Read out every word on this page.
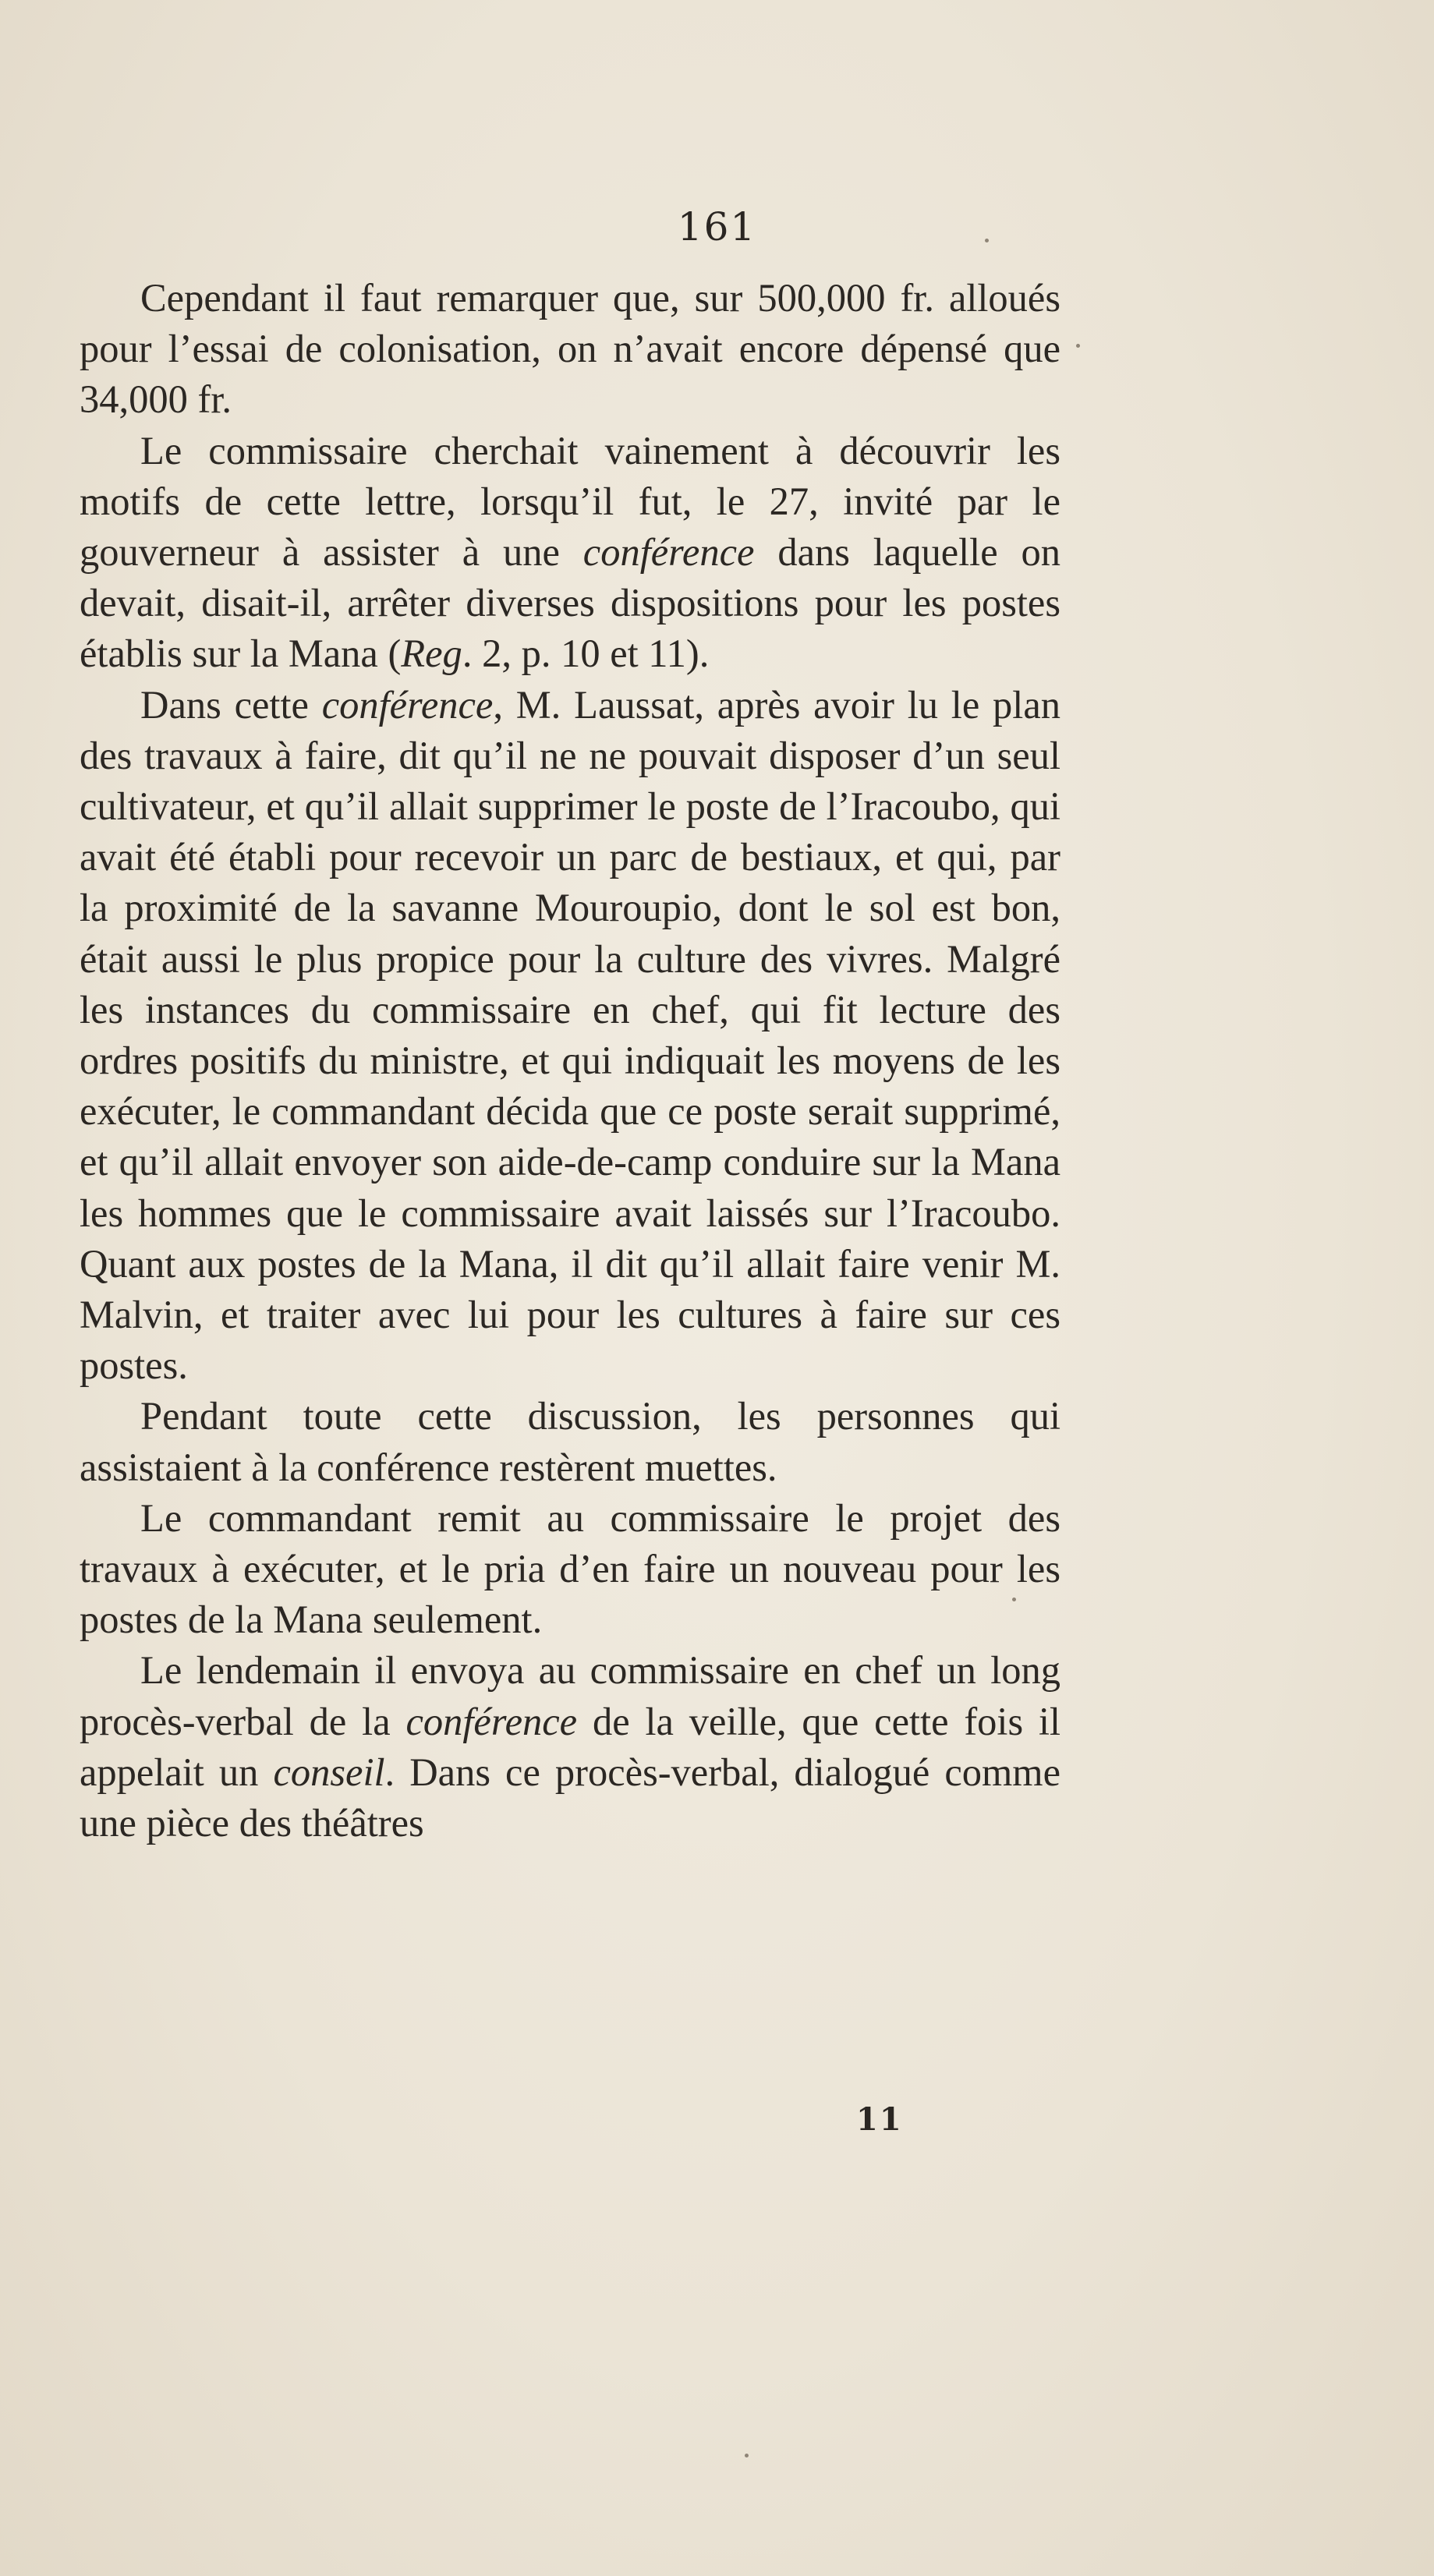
161

Cependant il faut remarquer que, sur 500,000 fr. alloués pour l’essai de colonisation, on n’avait encore dépensé que 34,000 fr.

Le commissaire cherchait vainement à découvrir les motifs de cette lettre, lorsqu’il fut, le 27, invité par le gouverneur à assister à une conférence dans laquelle on devait, disait-il, arrêter diverses dispositions pour les postes établis sur la Mana (Reg. 2, p. 10 et 11).

Dans cette conférence, M. Laussat, après avoir lu le plan des travaux à faire, dit qu’il ne ne pouvait disposer d’un seul cultivateur, et qu’il allait supprimer le poste de l’Iracoubo, qui avait été établi pour recevoir un parc de bestiaux, et qui, par la proximité de la savanne Mouroupio, dont le sol est bon, était aussi le plus propice pour la culture des vivres. Malgré les instances du commissaire en chef, qui fit lecture des ordres positifs du ministre, et qui indiquait les moyens de les exécuter, le commandant décida que ce poste serait supprimé, et qu’il allait envoyer son aide-de-camp conduire sur la Mana les hommes que le commissaire avait laissés sur l’Iracoubo. Quant aux postes de la Mana, il dit qu’il allait faire venir M. Malvin, et traiter avec lui pour les cultures à faire sur ces postes.

Pendant toute cette discussion, les personnes qui assistaient à la conférence restèrent muettes.

Le commandant remit au commissaire le projet des travaux à exécuter, et le pria d’en faire un nouveau pour les postes de la Mana seulement.

Le lendemain il envoya au commissaire en chef un long procès-verbal de la conférence de la veille, que cette fois il appelait un conseil. Dans ce procès-verbal, dialogué comme une pièce des théâtres

11
